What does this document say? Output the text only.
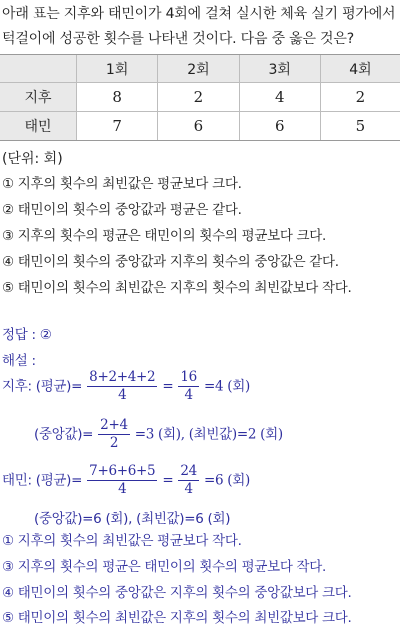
아래 표는 지후와 태민이가 4회에 걸쳐 실시한 체육 실기 평가에서
턱걸이에 성공한 횟수를 나타낸 것이다. 다음 중 옳은 것은?
	1회	2회	3회	4회
지후	8	2	4	2
태민	7	6	6	5
(단위: 회)
① 지후의 횟수의 최빈값은 평균보다 크다.
② 태민이의 횟수의 중앙값과 평균은 같다.
③ 지후의 횟수의 평균은 태민이의 횟수의 평균보다 크다.
④ 태민이의 횟수의 중앙값과 지후의 횟수의 중앙값은 같다.
⑤ 태민이의 횟수의 최빈값은 지후의 횟수의 최빈값보다 작다.
정답 : ②
해설 :
지후: (평균)= $\frac{8+2+4+2}{4} = \frac{16}{4} =4$ (회)
(중앙값)= $\frac{2+4}{2} =3$ (회), (최빈값)=2 (회)
태민: (평균)= $\frac{7+6+6+5}{4} = \frac{24}{4} =6$ (회)
(중앙값)=6 (회), (최빈값)=6 (회)
① 지후의 횟수의 최빈값은 평균보다 작다.
③ 지후의 횟수의 평균은 태민이의 횟수의 평균보다 작다.
④ 태민이의 횟수의 중앙값은 지후의 횟수의 중앙값보다 크다.
⑤ 태민이의 횟수의 최빈값은 지후의 횟수의 최빈값보다 크다.
